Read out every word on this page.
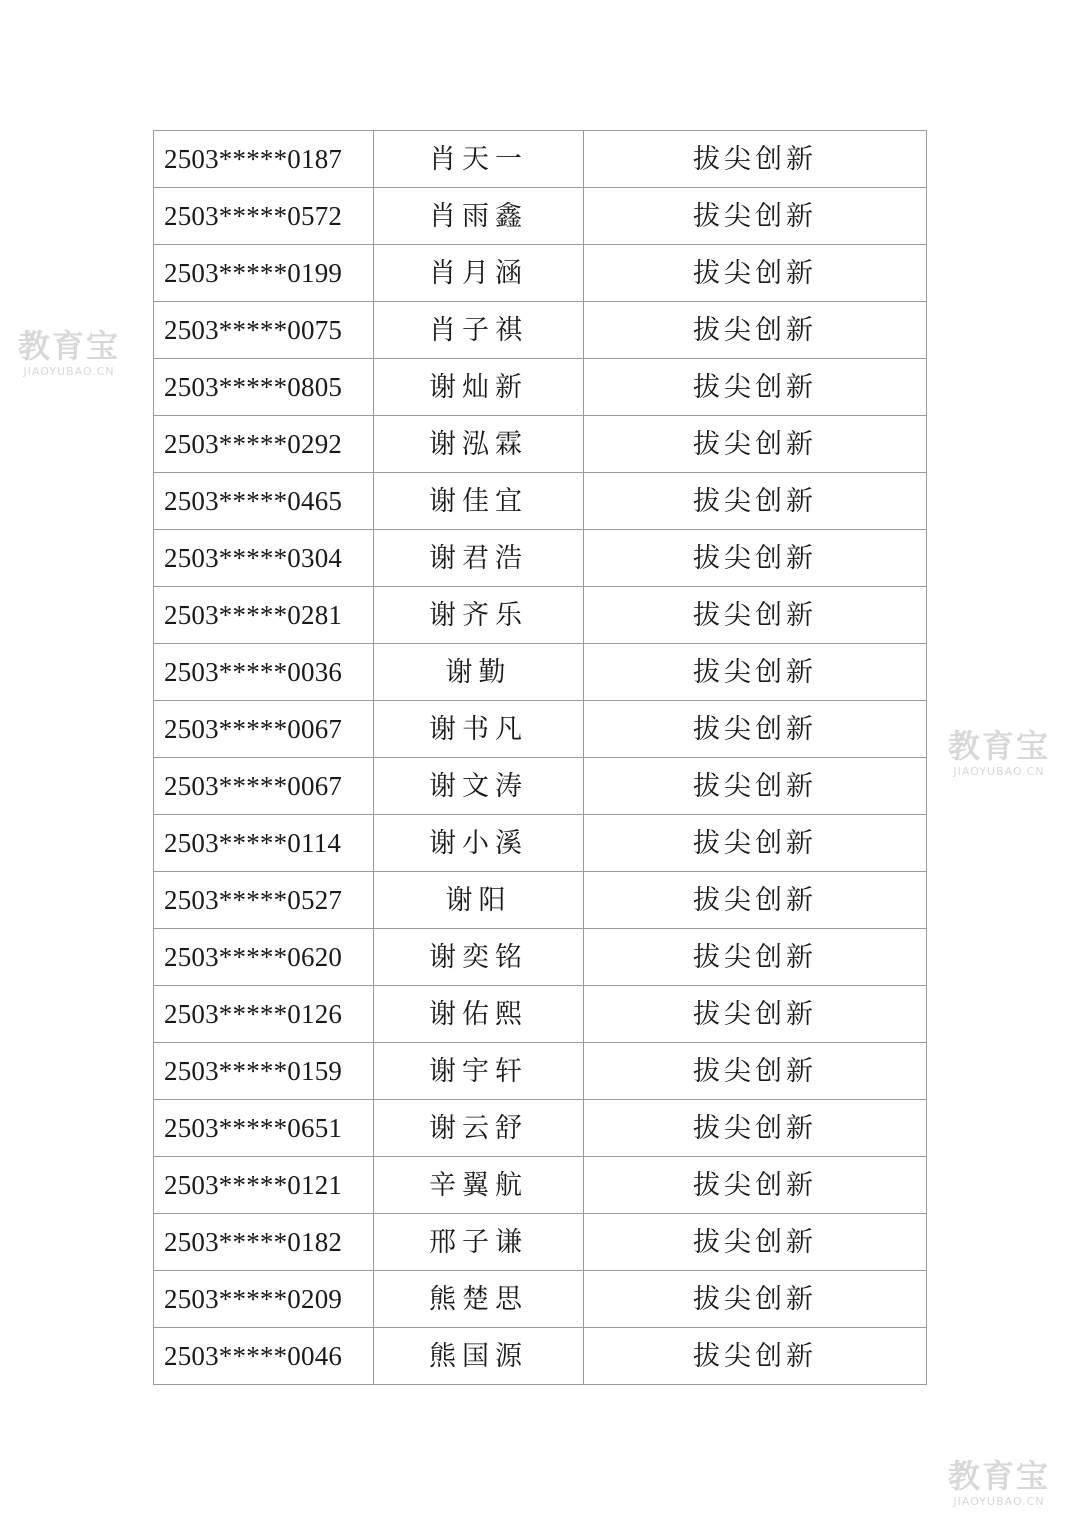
2503*****0187	肖天一	拔尖创新
2503*****0572	肖雨鑫	拔尖创新
2503*****0199	肖月涵	拔尖创新
2503*****0075	肖子祺	拔尖创新
2503*****0805	谢灿新	拔尖创新
2503*****0292	谢泓霖	拔尖创新
2503*****0465	谢佳宜	拔尖创新
2503*****0304	谢君浩	拔尖创新
2503*****0281	谢齐乐	拔尖创新
2503*****0036	谢勤	拔尖创新
2503*****0067	谢书凡	拔尖创新
2503*****0067	谢文涛	拔尖创新
2503*****0114	谢小溪	拔尖创新
2503*****0527	谢阳	拔尖创新
2503*****0620	谢奕铭	拔尖创新
2503*****0126	谢佑熙	拔尖创新
2503*****0159	谢宇轩	拔尖创新
2503*****0651	谢云舒	拔尖创新
2503*****0121	辛翼航	拔尖创新
2503*****0182	邢子谦	拔尖创新
2503*****0209	熊楚思	拔尖创新
2503*****0046	熊国源	拔尖创新
教育宝
JIAOYUBAO.CN
教育宝
JIAOYUBAO.CN
教育宝
JIAOYUBAO.CN
